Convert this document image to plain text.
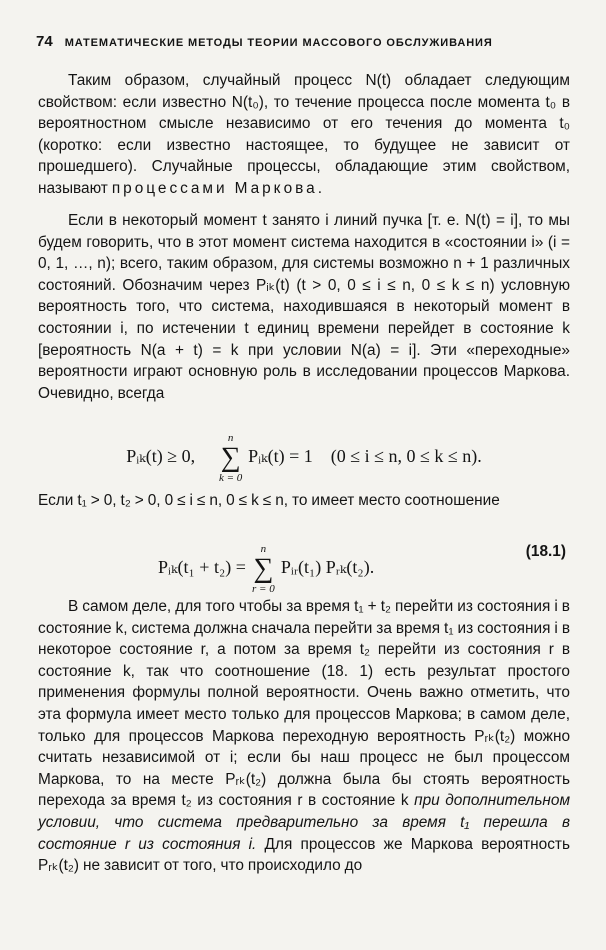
74 МАТЕМАТИЧЕСКИЕ МЕТОДЫ ТЕОРИИ МАССОВОГО ОБСЛУЖИВАНИЯ

Таким образом, случайный процесс N(t) обладает следующим свойством: если известно N(t₀), то течение процесса после момента t₀ в вероятностном смысле независимо от его течения до момента t₀ (коротко: если известно настоящее, то будущее не зависит от прошедшего). Случайные процессы, обладающие этим свойством, называют процессами Маркова.

Если в некоторый момент t занято i линий пучка [т. е. N(t) = i], то мы будем говорить, что в этот момент система находится в «состоянии i» (i = 0, 1, …, n); всего, таким образом, для системы возможно n + 1 различных состояний. Обозначим через Pᵢₖ(t) (t > 0, 0 ≤ i ≤ n, 0 ≤ k ≤ n) условную вероятность того, что система, находившаяся в некоторый момент в состоянии i, по истечении t единиц времени перейдет в состояние k [вероятность N(a + t) = k при условии N(a) = i]. Эти «переходные» вероятности играют основную роль в исследовании процессов Маркова. Очевидно, всегда

Pᵢₖ(t) ≥ 0,
n
∑
k = 0
Pᵢₖ(t) = 1 (0 ≤ i ≤ n, 0 ≤ k ≤ n).

Если t₁ > 0, t₂ > 0, 0 ≤ i ≤ n, 0 ≤ k ≤ n, то имеет место соотношение

Pᵢₖ(t₁ + t₂) =
n
∑
r = 0
Pᵢᵣ(t₁) Pᵣₖ(t₂).
(18.1)

В самом деле, для того чтобы за время t₁ + t₂ перейти из состояния i в состояние k, система должна сначала перейти за время t₁ из состояния i в некоторое состояние r, а потом за время t₂ перейти из состояния r в состояние k, так что соотношение (18. 1) есть результат простого применения формулы полной вероятности. Очень важно отметить, что эта формула имеет место только для процессов Маркова; в самом деле, только для процессов Маркова переходную вероятность Pᵣₖ(t₂) можно считать независимой от i; если бы наш процесс не был процессом Маркова, то на месте Pᵣₖ(t₂) должна была бы стоять вероятность перехода за время t₂ из состояния r в состояние k при дополнительном условии, что система предварительно за время t₁ перешла в состояние r из состояния i. Для процессов же Маркова вероятность Pᵣₖ(t₂) не зависит от того, что происходило до
